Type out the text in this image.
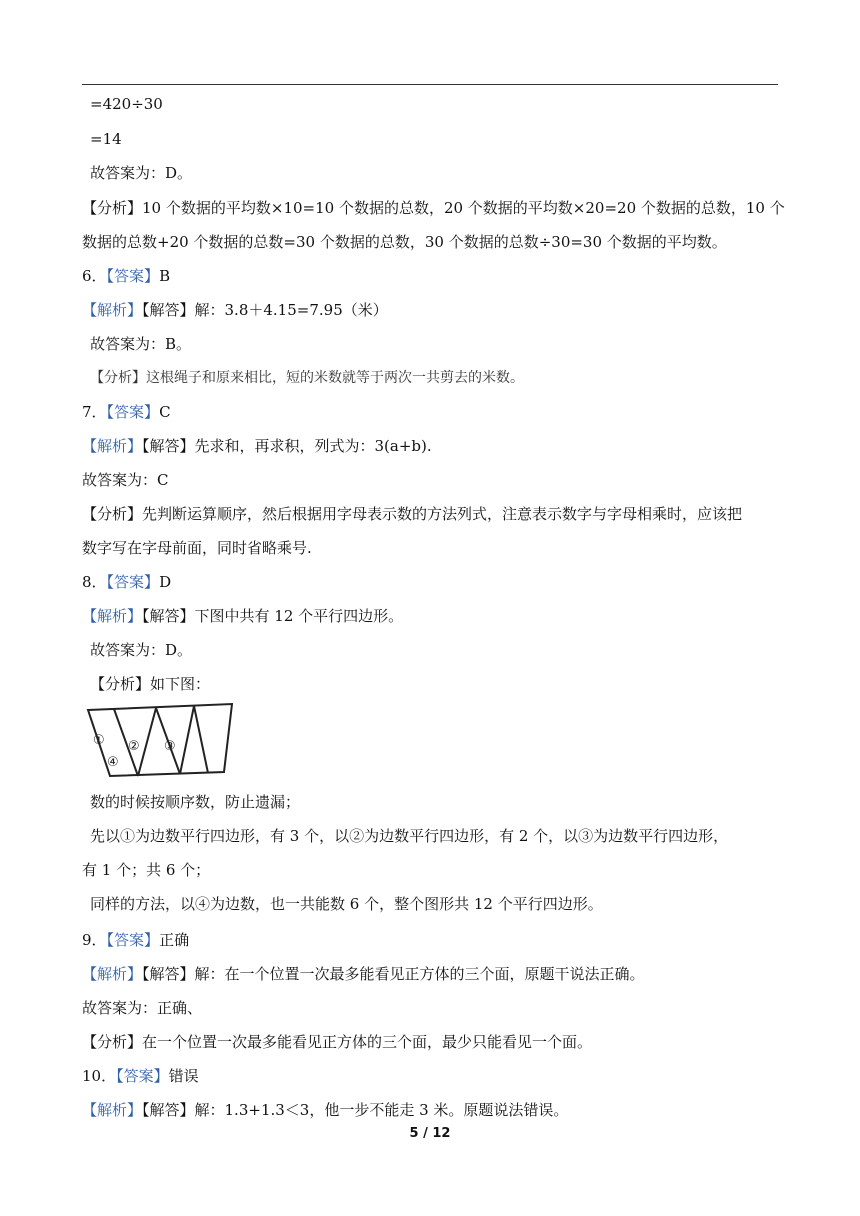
=420÷30
=14
故答案为：D。
【分析】10 个数据的平均数×10=10 个数据的总数，20 个数据的平均数×20=20 个数据的总数，10 个
数据的总数+20 个数据的总数=30 个数据的总数，30 个数据的总数÷30=30 个数据的平均数。
6．【答案】B
【解析】【解答】解：3.8＋4.15=7.95（米）
故答案为：B。
【分析】这根绳子和原来相比，短的米数就等于两次一共剪去的米数。
7．【答案】C
【解析】【解答】先求和，再求积，列式为：3(a+b).
故答案为：C
【分析】先判断运算顺序，然后根据用字母表示数的方法列式，注意表示数字与字母相乘时，应该把
数字写在字母前面，同时省略乘号.
8．【答案】D
【解析】【解答】下图中共有 12 个平行四边形。
故答案为：D。
【分析】如下图：
① ② ③
④
数的时候按顺序数，防止遗漏；
先以①为边数平行四边形，有 3 个，以②为边数平行四边形，有 2 个，以③为边数平行四边形，
有 1 个；共 6 个；
同样的方法，以④为边数，也一共能数 6 个，整个图形共 12 个平行四边形。
9．【答案】正确
【解析】【解答】解：在一个位置一次最多能看见正方体的三个面，原题干说法正确。
故答案为：正确、
【分析】在一个位置一次最多能看见正方体的三个面，最少只能看见一个面。
10．【答案】错误
【解析】【解答】解：1.3+1.3＜3，他一步不能走 3 米。原题说法错误。
5 / 12
